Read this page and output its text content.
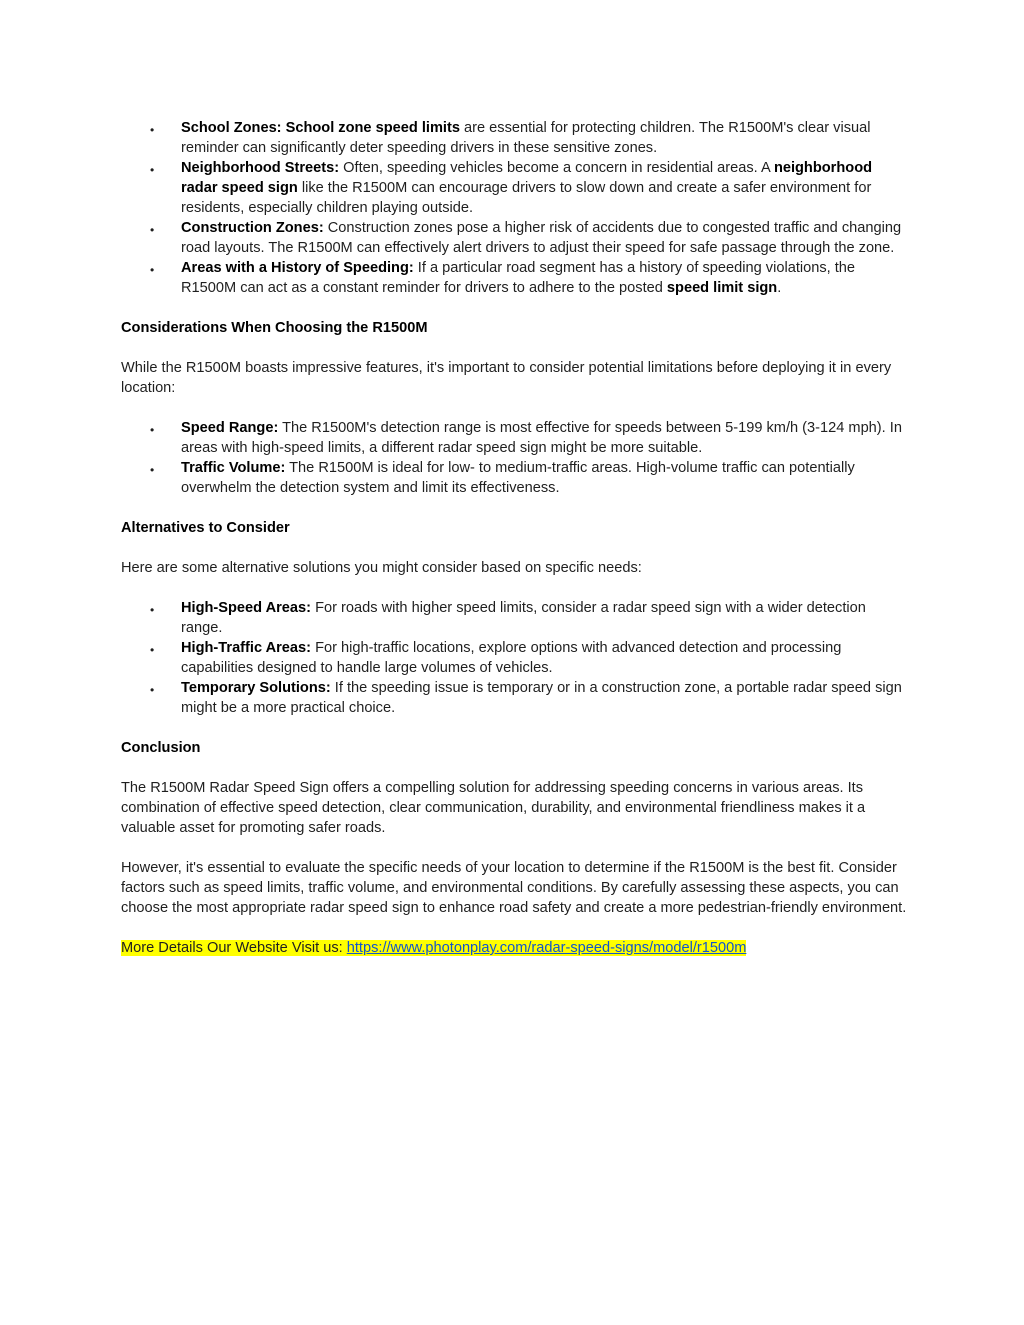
• School Zones: School zone speed limits are essential for protecting children. The R1500M's clear visual reminder can significantly deter speeding drivers in these sensitive zones.
• Neighborhood Streets: Often, speeding vehicles become a concern in residential areas. A neighborhood radar speed sign like the R1500M can encourage drivers to slow down and create a safer environment for residents, especially children playing outside.
• Construction Zones: Construction zones pose a higher risk of accidents due to congested traffic and changing road layouts. The R1500M can effectively alert drivers to adjust their speed for safe passage through the zone.
• Areas with a History of Speeding: If a particular road segment has a history of speeding violations, the R1500M can act as a constant reminder for drivers to adhere to the posted speed limit sign.

Considerations When Choosing the R1500M

While the R1500M boasts impressive features, it's important to consider potential limitations before deploying it in every location:

• Speed Range: The R1500M's detection range is most effective for speeds between 5-199 km/h (3-124 mph). In areas with high-speed limits, a different radar speed sign might be more suitable.
• Traffic Volume: The R1500M is ideal for low- to medium-traffic areas. High-volume traffic can potentially overwhelm the detection system and limit its effectiveness.

Alternatives to Consider

Here are some alternative solutions you might consider based on specific needs:

• High-Speed Areas: For roads with higher speed limits, consider a radar speed sign with a wider detection range.
• High-Traffic Areas: For high-traffic locations, explore options with advanced detection and processing capabilities designed to handle large volumes of vehicles.
• Temporary Solutions: If the speeding issue is temporary or in a construction zone, a portable radar speed sign might be a more practical choice.

Conclusion

The R1500M Radar Speed Sign offers a compelling solution for addressing speeding concerns in various areas. Its combination of effective speed detection, clear communication, durability, and environmental friendliness makes it a valuable asset for promoting safer roads.

However, it's essential to evaluate the specific needs of your location to determine if the R1500M is the best fit. Consider factors such as speed limits, traffic volume, and environmental conditions. By carefully assessing these aspects, you can choose the most appropriate radar speed sign to enhance road safety and create a more pedestrian-friendly environment.

More Details Our Website Visit us: https://www.photonplay.com/radar-speed-signs/model/r1500m
